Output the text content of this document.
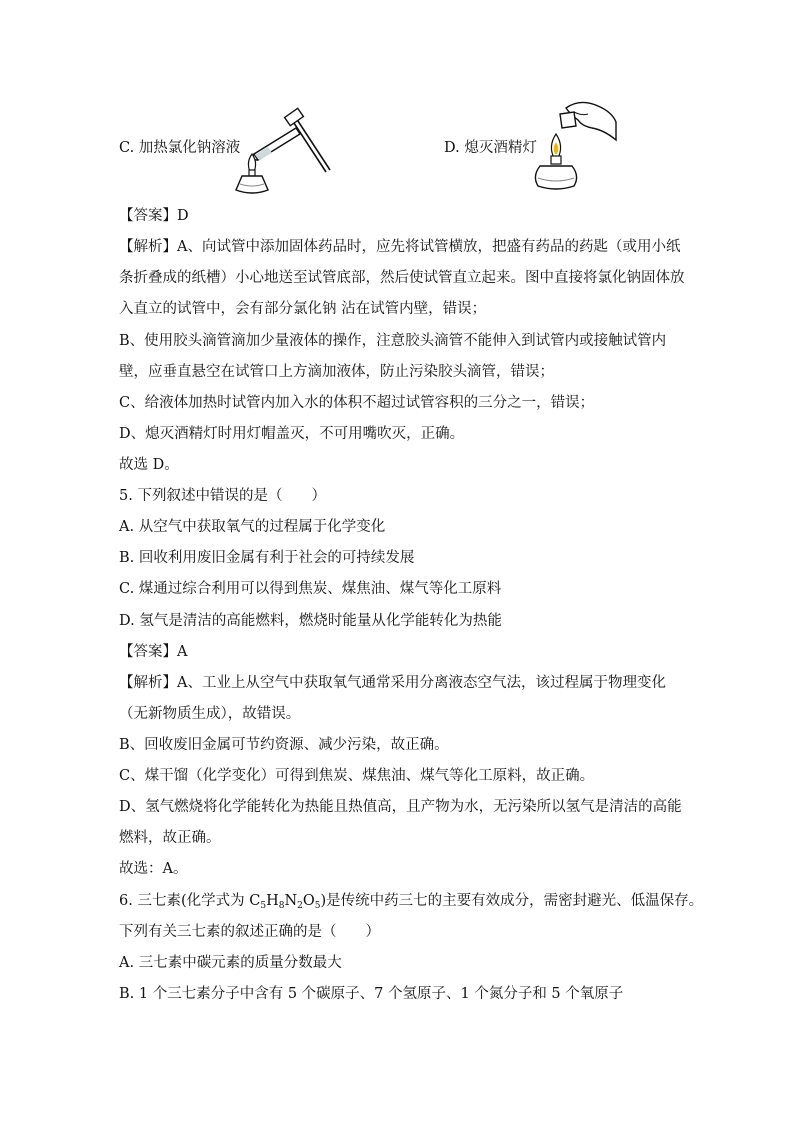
C. 加热氯化钠溶液	D. 熄灭酒精灯
【答案】D
【解析】A、向试管中添加固体药品时，应先将试管横放，把盛有药品的药匙（或用小纸
条折叠成的纸槽）小心地送至试管底部，然后使试管直立起来。图中直接将氯化钠固体放
入直立的试管中，会有部分氯化钠 沾在试管内壁，错误；
B、使用胶头滴管滴加少量液体的操作，注意胶头滴管不能伸入到试管内或接触试管内
壁，应垂直悬空在试管口上方滴加液体，防止污染胶头滴管，错误；
C、给液体加热时试管内加入水的体积不超过试管容积的三分之一，错误；
D、熄灭酒精灯时用灯帽盖灭，不可用嘴吹灭，正确。
故选 D。
5. 下列叙述中错误的是（　　）
A. 从空气中获取氧气的过程属于化学变化
B. 回收利用废旧金属有利于社会的可持续发展
C. 煤通过综合利用可以得到焦炭、煤焦油、煤气等化工原料
D. 氢气是清洁的高能燃料，燃烧时能量从化学能转化为热能
【答案】A
【解析】A、工业上从空气中获取氧气通常采用分离液态空气法，该过程属于物理变化
（无新物质生成），故错误。
B、回收废旧金属可节约资源、减少污染，故正确。
C、煤干馏（化学变化）可得到焦炭、煤焦油、煤气等化工原料，故正确。
D、氢气燃烧将化学能转化为热能且热值高，且产物为水，无污染所以氢气是清洁的高能
燃料，故正确。
故选：A。
6. 三七素(化学式为 $C_5H_8N_2O_5$)是传统中药三七的主要有效成分，需密封避光、低温保存。
下列有关三七素的叙述正确的是（　　）
A. 三七素中碳元素的质量分数最大
B. 1 个三七素分子中含有 5 个碳原子、7 个氢原子、1 个氮分子和 5 个氧原子
